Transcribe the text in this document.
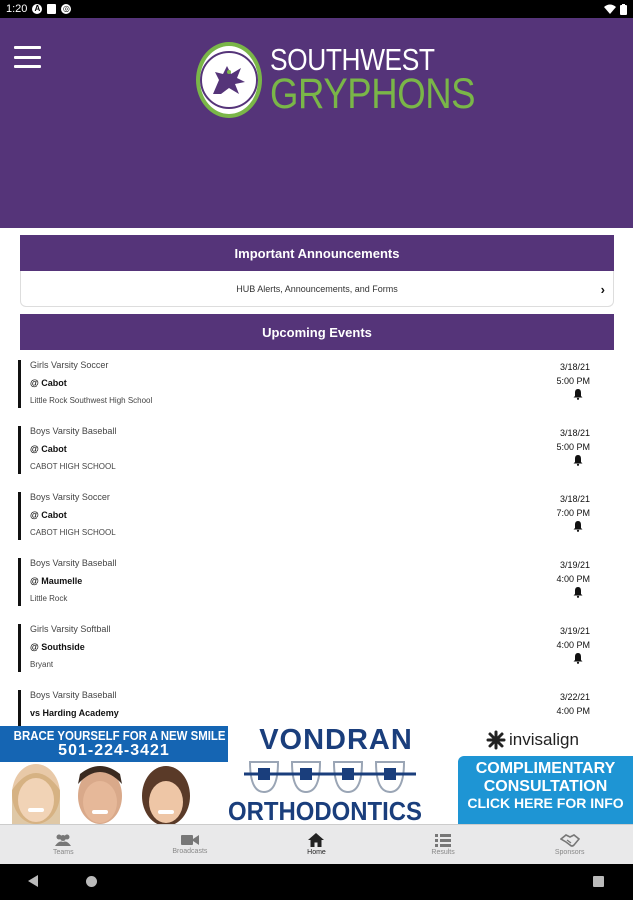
1:20 A	◎
SOUTHWEST
GRYPHONS
Important Announcements
HUB Alerts, Announcements, and Forms	›
Upcoming Events
Girls Varsity Soccer
@ Cabot
Little Rock Southwest High School
3/18/21
5:00 PM
Boys Varsity Baseball
@ Cabot
CABOT HIGH SCHOOL
3/18/21
5:00 PM
Boys Varsity Soccer
@ Cabot
CABOT HIGH SCHOOL
3/18/21
7:00 PM
Boys Varsity Baseball
@ Maumelle
Little Rock
3/19/21
4:00 PM
Girls Varsity Softball
@ Southside
Bryant
3/19/21
4:00 PM
Boys Varsity Baseball
vs Harding Academy
3/22/21
4:00 PM
BRACE YOURSELF FOR A NEW SMILE
501-224-3421	VONDRAN
ORTHODONTICS
invisalign
COMPLIMENTARY
CONSULTATION
CLICK HERE FOR INFO
Teams	Broadcasts	Home	Results	Sponsors
